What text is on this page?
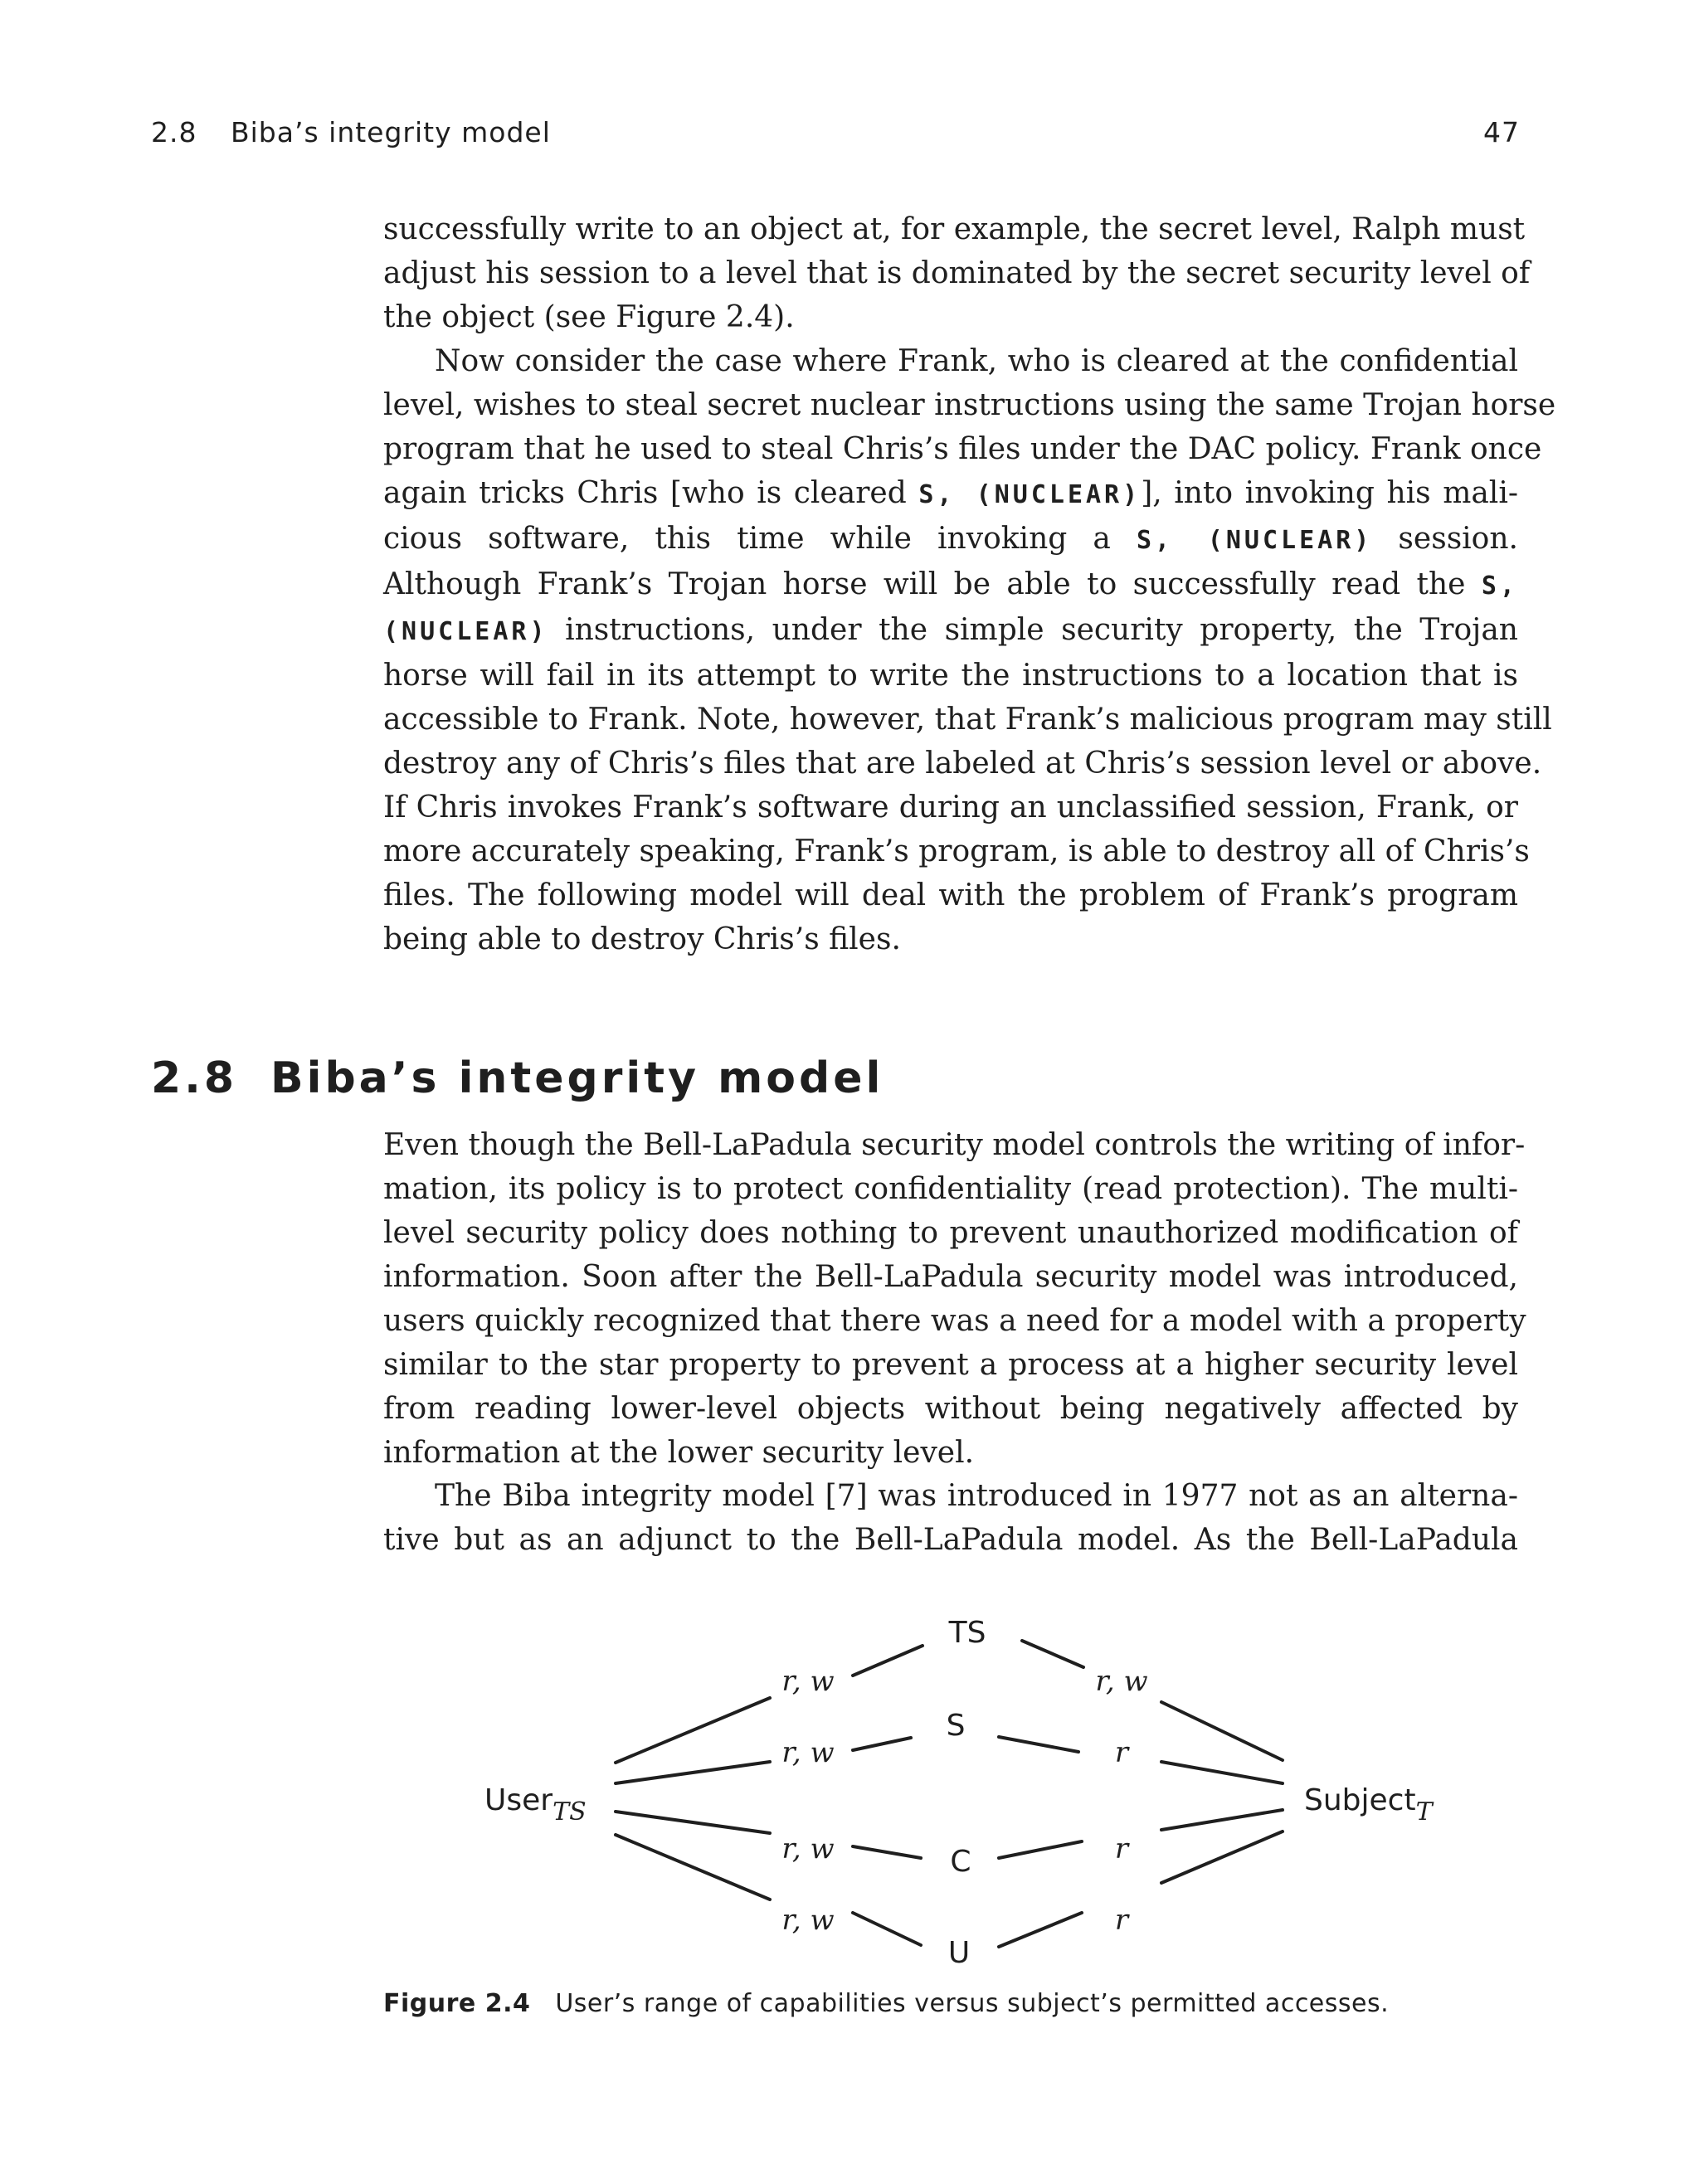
2.8 Biba’s integrity model	47
successfully write to an object at, for example, the secret level, Ralph must
adjust his session to a level that is dominated by the secret security level of
the object (see Figure 2.4).
Now consider the case where Frank, who is cleared at the confidential
level, wishes to steal secret nuclear instructions using the same Trojan horse
program that he used to steal Chris’s files under the DAC policy. Frank once
again tricks Chris [who is cleared S, (NUCLEAR)], into invoking his mali-
cious software, this time while invoking a S, (NUCLEAR) session.
Although Frank’s Trojan horse will be able to successfully read the S,
(NUCLEAR) instructions, under the simple security property, the Trojan
horse will fail in its attempt to write the instructions to a location that is
accessible to Frank. Note, however, that Frank’s malicious program may still
destroy any of Chris’s files that are labeled at Chris’s session level or above.
If Chris invokes Frank’s software during an unclassified session, Frank, or
more accurately speaking, Frank’s program, is able to destroy all of Chris’s
files. The following model will deal with the problem of Frank’s program
being able to destroy Chris’s files.
2.8 Biba’s integrity model
Even though the Bell-LaPadula security model controls the writing of infor-
mation, its policy is to protect confidentiality (read protection). The multi-
level security policy does nothing to prevent unauthorized modification of
information. Soon after the Bell-LaPadula security model was introduced,
users quickly recognized that there was a need for a model with a property
similar to the star property to prevent a process at a higher security level
from reading lower-level objects without being negatively affected by
information at the lower security level.
The Biba integrity model [7] was introduced in 1977 not as an alterna-
tive but as an adjunct to the Bell-LaPadula model. As the Bell-LaPadula
TS
S
C
U
User$_{TS}$	Subject$_T$
r, w
r, w
r, w
r, w
r, w
r
r
r
Figure 2.4 User’s range of capabilities versus subject’s permitted accesses.
